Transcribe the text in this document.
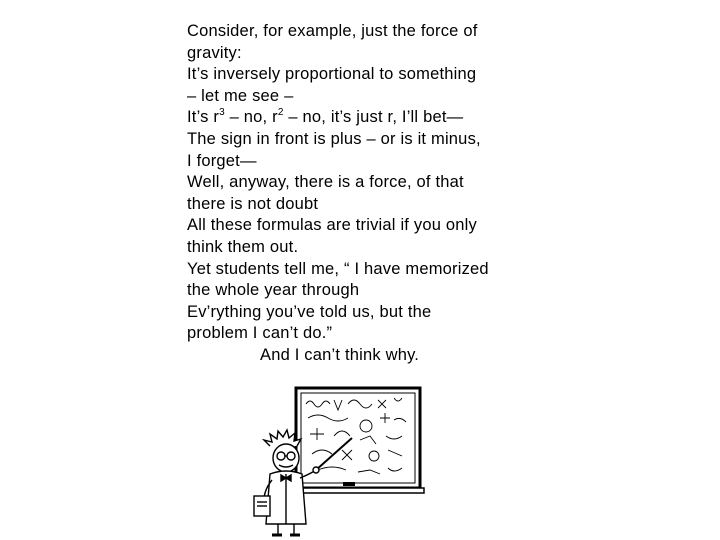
Consider, for example, just the force of
gravity:
It’s inversely proportional to something
– let me see –
It’s $r^3$ – no, $r^2$ – no, it’s just r, I’ll bet—
The sign in front is plus – or is it minus,
I forget—
Well, anyway, there is a force, of that
there is not doubt
All these formulas are trivial if you only
think them out.
Yet students tell me, “ I have memorized
the whole year through
Ev’rything you’ve told us, but the
problem I can’t do.”
And I can’t think why.
